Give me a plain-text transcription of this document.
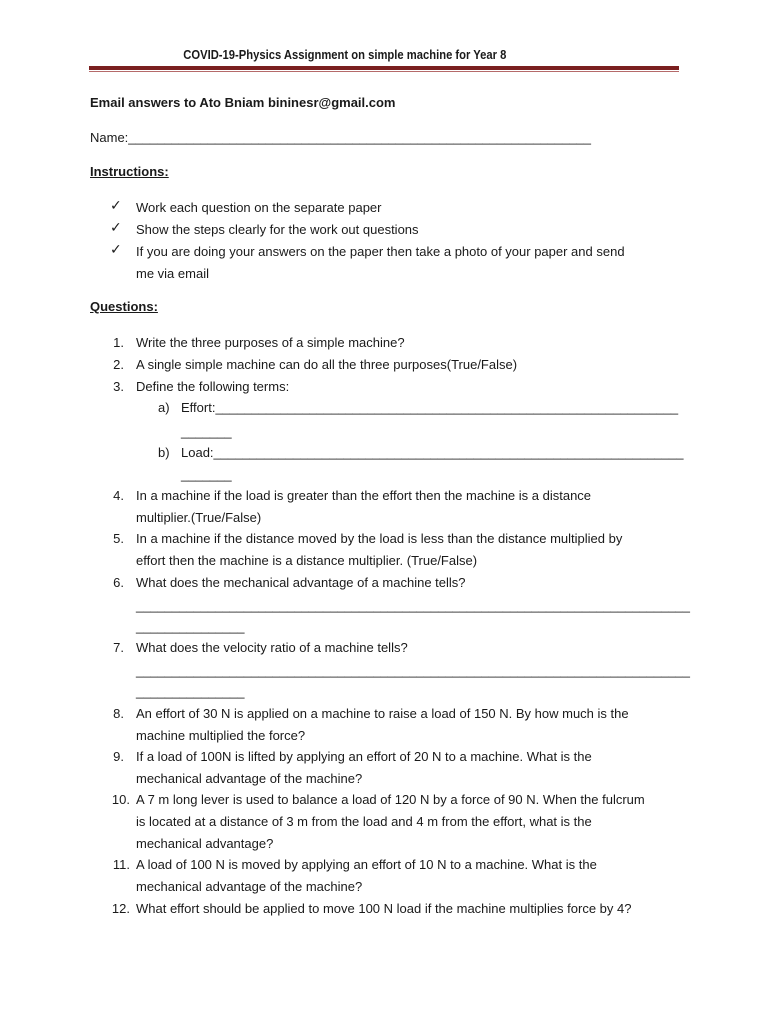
COVID-19-Physics Assignment on simple machine for Year 8
Email answers to Ato Bniam bininesr@gmail.com
Name:________________________________________________________________
Instructions:
✓ Work each question on the separate paper
✓ Show the steps clearly for the work out questions
✓ If you are doing your answers on the paper then take a photo of your paper and send
me via email
Questions:
1. Write the three purposes of a simple machine?
2. A single simple machine can do all the three purposes(True/False)
3. Define the following terms:
a) Effort:________________________________________________________________
_______
b) Load:_________________________________________________________________
_______
4. In a machine if the load is greater than the effort then the machine is a distance
multiplier.(True/False)
5. In a machine if the distance moved by the load is less than the distance multiplied by
effort then the machine is a distance multiplier. (True/False)
6. What does the mechanical advantage of a machine tells?
_____________________________________________________________________________
_______________
7. What does the velocity ratio of a machine tells?
_____________________________________________________________________________
_______________
8. An effort of 30 N is applied on a machine to raise a load of 150 N. By how much is the
machine multiplied the force?
9. If a load of 100N is lifted by applying an effort of 20 N to a machine. What is the
mechanical advantage of the machine?
10. A 7 m long lever is used to balance a load of 120 N by a force of 90 N. When the fulcrum
is located at a distance of 3 m from the load and 4 m from the effort, what is the
mechanical advantage?
11. A load of 100 N is moved by applying an effort of 10 N to a machine. What is the
mechanical advantage of the machine?
12. What effort should be applied to move 100 N load if the machine multiplies force by 4?
